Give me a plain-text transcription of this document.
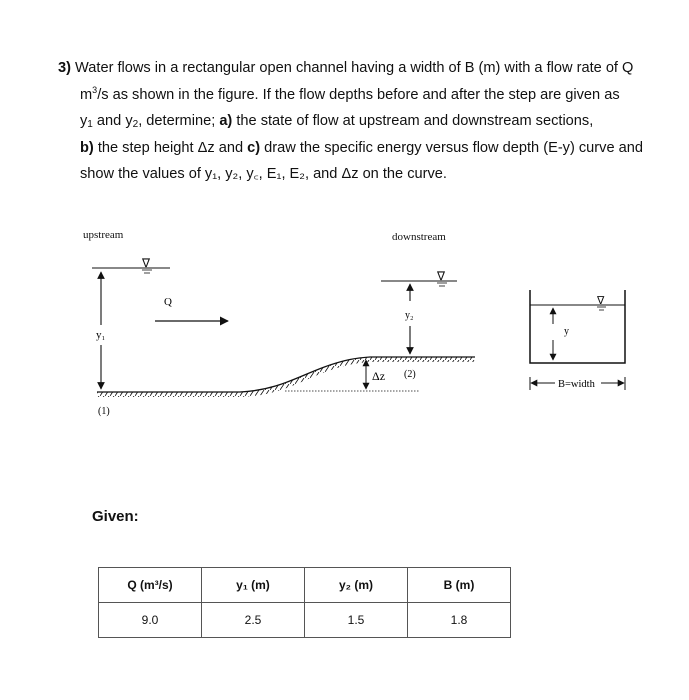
3) Water flows in a rectangular open channel having a width of B (m) with a flow rate of Q

$m^3/s$ as shown in the figure. If the flow depths before and after the step are given as

$y_1$ and $y_2$, determine; a) the state of flow at upstream and downstream sections,

b) the step height Δz and c) draw the specific energy versus flow depth (E-y) curve and

show the values of y₁, y₂, y꜀, E₁, E₂, and Δz on the curve.

upstream	downstream
∇
y₁
Q
Δz (2)
∇
y₂
(1)
∇
y
B=width
Given:
Q (m³/s)	y₁ (m)	y₂ (m)	B (m)
9.0	2.5	1.5	1.8
